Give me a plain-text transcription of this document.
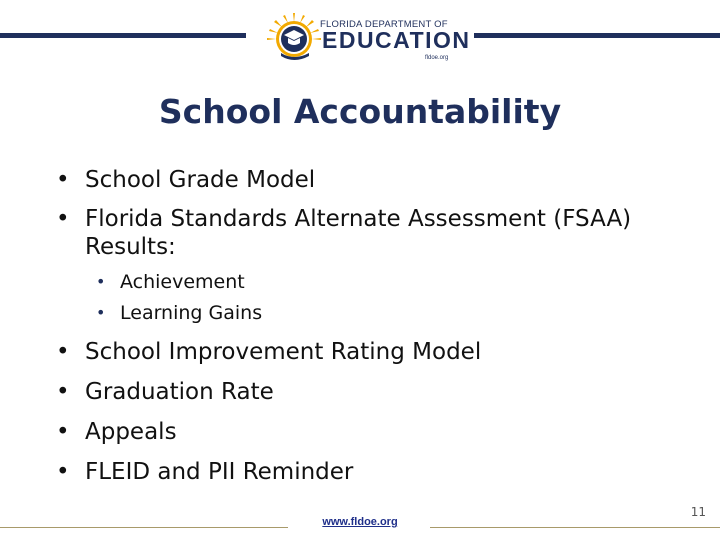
FLORIDA DEPARTMENT OF
EDUCATION
fldoe.org
School Accountability
• School Grade Model
• Florida Standards Alternate Assessment (FSAA)
Results:
• Achievement
• Learning Gains
• School Improvement Rating Model
• Graduation Rate
• Appeals
• FLEID and PII Reminder
www.fldoe.org
11
